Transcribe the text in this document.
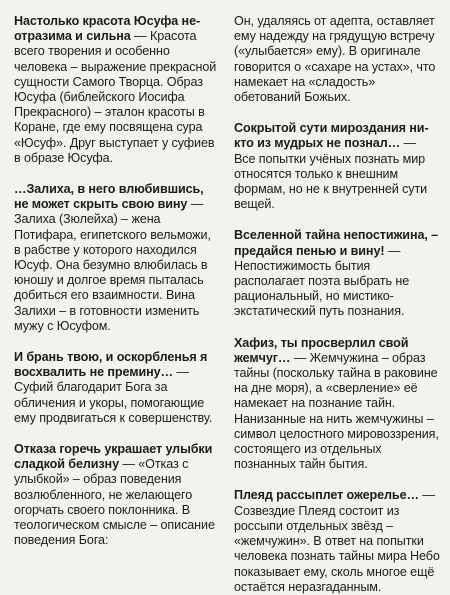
Настолько красота Юсуфа неотразима и сильна — Красота всего творения и особенно человека – выражение прекрасной сущности Самого Творца. Образ Юсуфа (библейского Иосифа Прекрасного) – эталон красоты в Коране, где ему посвящена сура «Юсуф». Друг выступает у суфиев в образе Юсуфа.

…Залиха, в него влюбившись, не может скрыть свою вину — Залиха (Зюлейха) – жена Потифара, египетского вельможи, в рабстве у которого находился Юсуф. Она безумно влюбилась в юношу и долгое время пыталась добиться его взаимности. Вина Залихи – в готовности изменить мужу с Юсуфом.

И брань твою, и оскорбленья я восхвалить не премину… — Суфий благодарит Бога за обличения и укоры, помогающие ему продвигаться к совершенству.

Отказа горечь украшает улыбки сладкой белизну — «Отказ с улыбкой» – образ поведения возлюбленного, не желающего огорчать своего поклонника. В теологическом смысле – описание поведения Бога:

Он, удаляясь от адепта, оставляет ему надежду на грядущую встречу («улыбается» ему). В оригинале говорится о «сахаре на устах», что намекает на «сладость» обетований Божьих.

Сокрытой сути мироздания никто из мудрых не познал… — Все попытки учёных познать мир относятся только к внешним формам, но не к внутренней сути вещей.

Вселенной тайна непостижина, – предайся пенью и вину! — Непостижимость бытия располагает поэта выбрать не рациональный, но мистико-экстатический путь познания.

Хафиз, ты просверлил свой жемчуг… — Жемчужина – образ тайны (поскольку тайна в раковине на дне моря), а «сверление» её намекает на познание тайн. Нанизанные на нить жемчужины – символ целостного мировоззрения, состоящего из отдельных познанных тайн бытия.

Плеяд рассыплет ожерелье… — Созвездие Плеяд состоит из россыпи отдельных звёзд – «жемчужин». В ответ на попытки человека познать тайны мира Небо показывает ему, сколь многое ещё остаётся неразгаданным.
